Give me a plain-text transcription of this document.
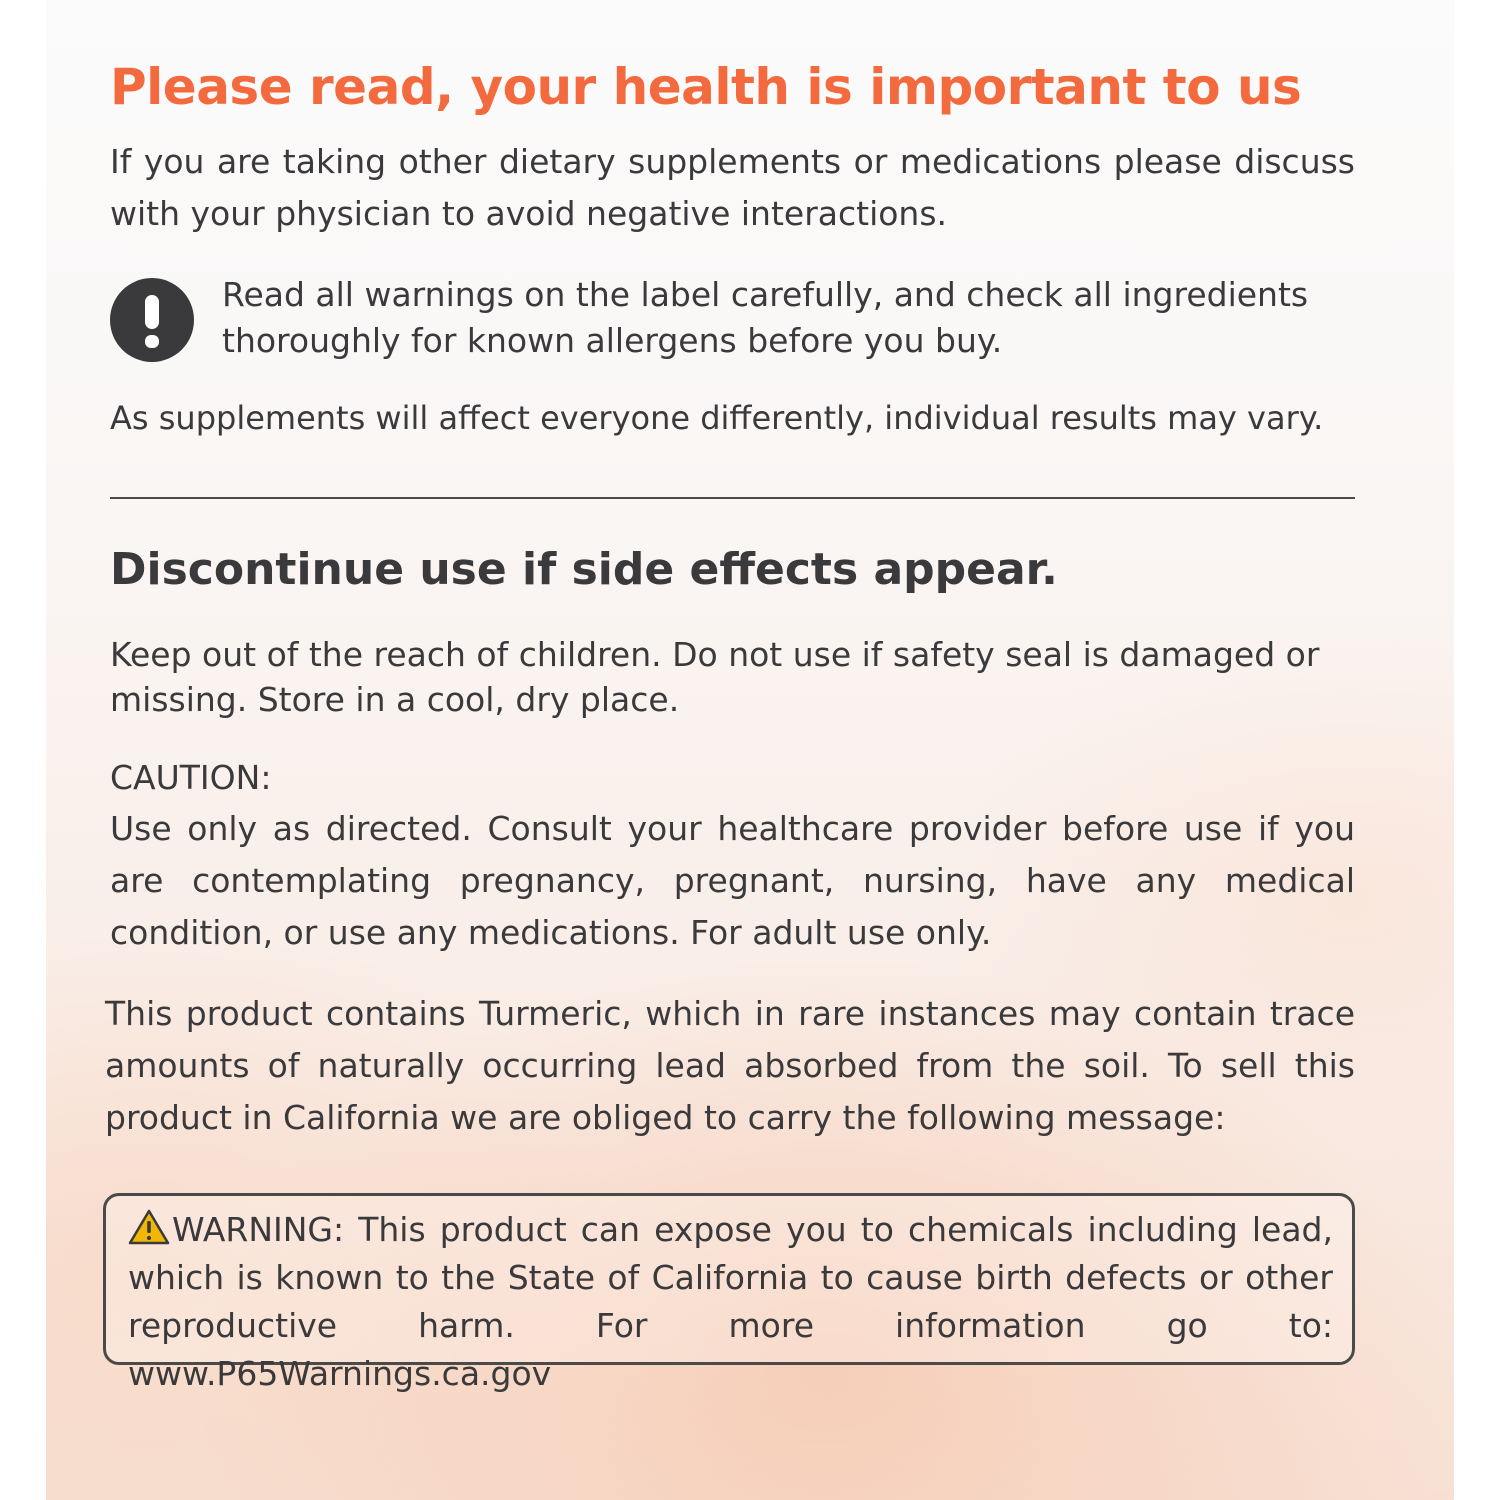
Please read, your health is important to us

If you are taking other dietary supplements or medications please discuss with your physician to avoid negative interactions.

Read all warnings on the label carefully, and check all ingredients thoroughly for known allergens before you buy.

As supplements will affect everyone differently, individual results may vary.

Discontinue use if side effects appear.

Keep out of the reach of children. Do not use if safety seal is damaged or missing. Store in a cool, dry place.

CAUTION:

Use only as directed. Consult your healthcare provider before use if you are contemplating pregnancy, pregnant, nursing, have any medical condition, or use any medications. For adult use only.

This product contains Turmeric, which in rare instances may contain trace amounts of naturally occurring lead absorbed from the soil. To sell this product in California we are obliged to carry the following message:

WARNING: This product can expose you to chemicals including lead, which is known to the State of California to cause birth defects or other reproductive harm. For more information go to: www.P65Warnings.ca.gov
